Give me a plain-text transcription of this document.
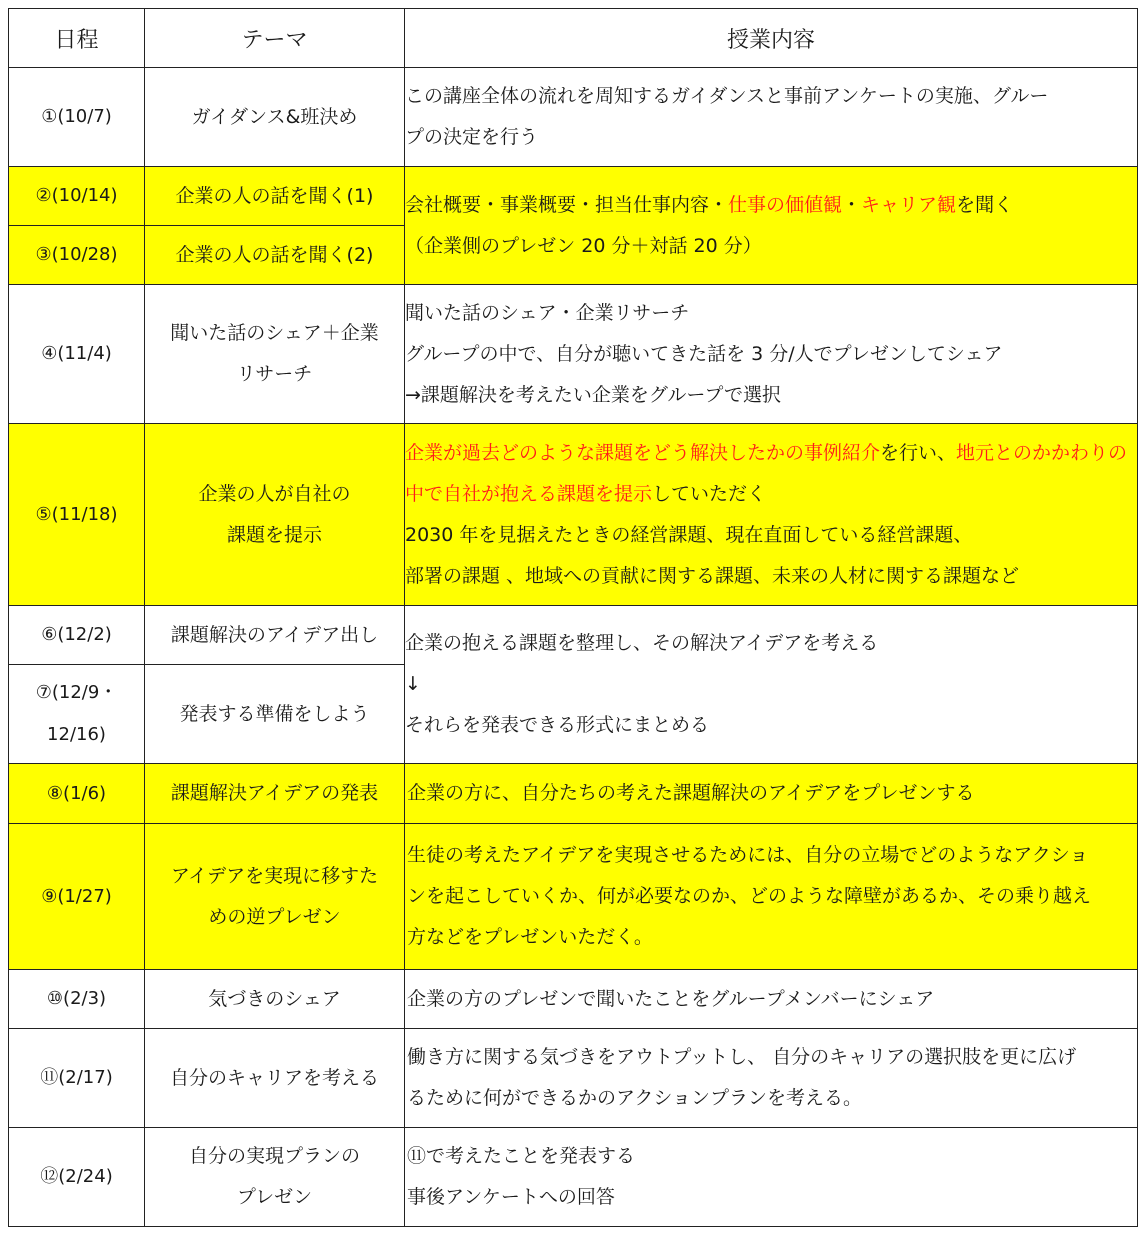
日程	テーマ	授業内容
①(10/7)	ガイダンス&班決め	この講座全体の流れを周知するガイダンスと事前アンケートの実施、グルー
プの決定を行う

②(10/14)	企業の人の話を聞く(1)	会社概要・事業概要・担当仕事内容・仕事の価値観・キャリア観を聞く
（企業側のプレゼン 20 分＋対話 20 分）

③(10/28)	企業の人の話を聞く(2)	
④(11/4)	聞いた話のシェア＋企業
リサーチ	聞いた話のシェア・企業リサーチ
グループの中で、自分が聴いてきた話を 3 分/人でプレゼンしてシェア
→課題解決を考えたい企業をグループで選択

⑤(11/18)	企業の人が自社の
課題を提示	企業が過去どのような課題をどう解決したかの事例紹介を行い、地元とのかかわりの中で自社が抱える課題を提示していただく
2030 年を見据えたときの経営課題、現在直面している経営課題、
部署の課題 、地域への貢献に関する課題、未来の人材に関する課題など

⑥(12/2)	課題解決のアイデア出し	企業の抱える課題を整理し、その解決アイデアを考える
↓
それらを発表できる形式にまとめる

⑦(12/9・
12/16)	発表する準備をしよう	
⑧(1/6)	課題解決アイデアの発表	企業の方に、自分たちの考えた課題解決のアイデアをプレゼンする

⑨(1/27)	アイデアを実現に移すた
めの逆プレゼン	生徒の考えたアイデアを実現させるためには、自分の立場でどのようなアクショ
ンを起こしていくか、何が必要なのか、どのような障壁があるか、その乗り越え
方などをプレゼンいただく。

⑩(2/3)	気づきのシェア	企業の方のプレゼンで聞いたことをグループメンバーにシェア

⑪(2/17)	自分のキャリアを考える	働き方に関する気づきをアウトプットし、 自分のキャリアの選択肢を更に広げ
るために何ができるかのアクションプランを考える。

⑫(2/24)	自分の実現プランの
プレゼン	⑪で考えたことを発表する
事後アンケートへの回答
